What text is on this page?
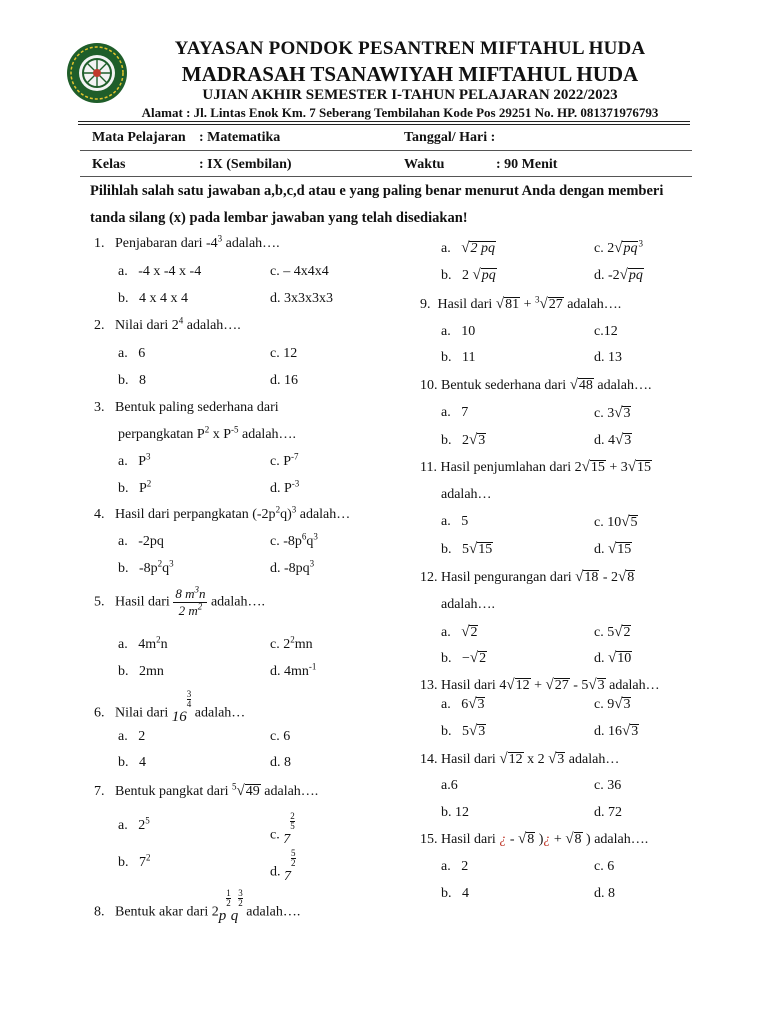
YAYASAN PONDOK PESANTREN MIFTAHUL HUDA
MADRASAH TSANAWIYAH MIFTAHUL HUDA
UJIAN AKHIR SEMESTER I-TAHUN PELAJARAN 2022/2023
Alamat : Jl. Lintas Enok Km. 7 Seberang Tembilahan Kode Pos 29251 No. HP. 081371976793
Mata Pelajaran : Matematika	Tanggal/ Hari :
Kelas	: IX (Sembilan)	Waktu	: 90 Menit
Pilihlah salah satu jawaban a,b,c,d atau e yang paling benar menurut Anda dengan memberi tanda silang (x) pada lembar jawaban yang telah disediakan!
1. Penjabaran dari $-4^3$ adalah….
a. -4 x -4 x -4	c. – 4x4x4
b. 4 x 4 x 4	d. 3x3x3x3
2. Nilai dari $2^4$ adalah….
a. 6	c. 12
b. 8	d. 16
3. Bentuk paling sederhana dari
perpangkatan $P^2$ x $P^{-5}$ adalah….
a. $P^3$	c. $P^{-7}$
b. $P^2$	d. $P^{-3}$
4. Hasil dari perpangkatan $(-2p^2q)^3$ adalah…
a. -2pq	c. $-8p^6q^3$
b. $-8p^2q^3$	d. $-8pq^3$
5. Hasil dari $\frac{8 m^3n}{2 m^2}$ adalah….
a. $4m^2n$	c. $2^2mn$
b. 2mn	d. $4mn^{-1}$
6. Nilai dari 16
$\frac{3}{4}$
adalah…
a. 2	c. 6
b. 4	d. 8
7. Bentuk pangkat dari $^5$√49 adalah….
a. $2^5$
c. 7
$\frac{2}{5}$
b. $7^2$
d. 7
$\frac{5}{2}$
8. Bentuk akar dari 2p
$\frac{1}{2}$
q
$\frac{3}{2}$
adalah….
a. √2 pq	c. $2√pq^3$
b. 2 √pq	d. -2√pq
9. Hasil dari √81 + $^3$√27 adalah….
a. 10	c.12
b. 11	d. 13
10. Bentuk sederhana dari √48 adalah….
a. 7	c. 3√3
b. 2√3	d. 4√3
11. Hasil penjumlahan dari 2√15 + 3√15
adalah…
a. 5	c. 10√5
b. 5√15	d. √15
12. Hasil pengurangan dari √18 - 2√8
adalah….
a. √2	c. 5√2
b. −√2	d. √10
13. Hasil dari 4√12 + √27 - 5√3 adalah…
a. 6√3	c. 9√3
b. 5√3	d. 16√3
14. Hasil dari √12 x 2 √3 adalah…
a.6	c. 36
b. 12	d. 72
15. Hasil dari ¿ - √8 )¿ + √8 ) adalah….
a. 2	c. 6
b. 4	d. 8
